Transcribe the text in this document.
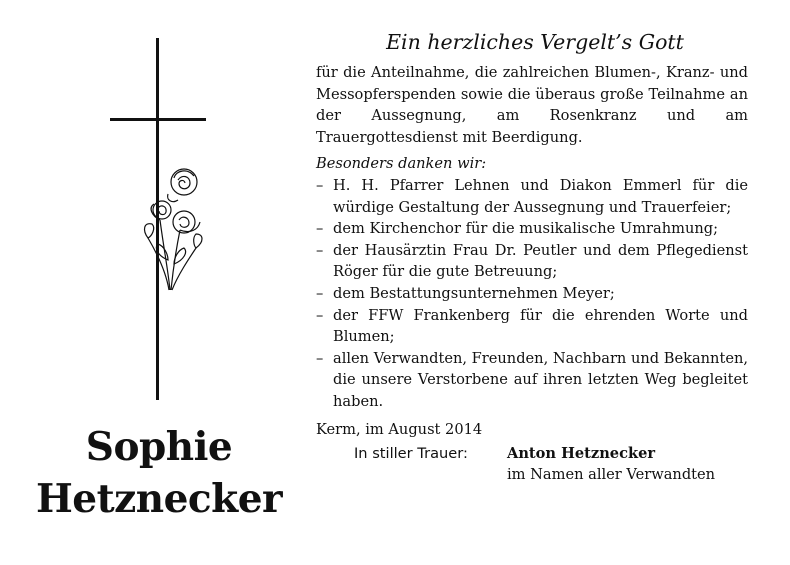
Sophie
Hetznecker
Ein herzliches Vergelt’s Gott

für die Anteilnahme, die zahlreichen Blumen-, Kranz- und Messopferspenden sowie die überaus große Teilnahme an der Aussegnung, am Rosenkranz und am Trauergottesdienst mit Beerdigung.

Besonders danken wir:
– H. H. Pfarrer Lehnen und Diakon Emmerl für die würdige Gestaltung der Aussegnung und Trauerfeier;
– dem Kirchenchor für die musikalische Umrahmung;
– der Hausärztin Frau Dr. Peutler und dem Pflegedienst Röger für die gute Betreuung;
– dem Bestattungsunternehmen Meyer;
– der FFW Frankenberg für die ehrenden Worte und Blumen;
– allen Verwandten, Freunden, Nachbarn und Bekannten, die unsere Verstorbene auf ihren letzten Weg begleitet haben.
Kerm, im August 2014
In stiller Trauer:	Anton Hetznecker
im Namen aller Verwandten
